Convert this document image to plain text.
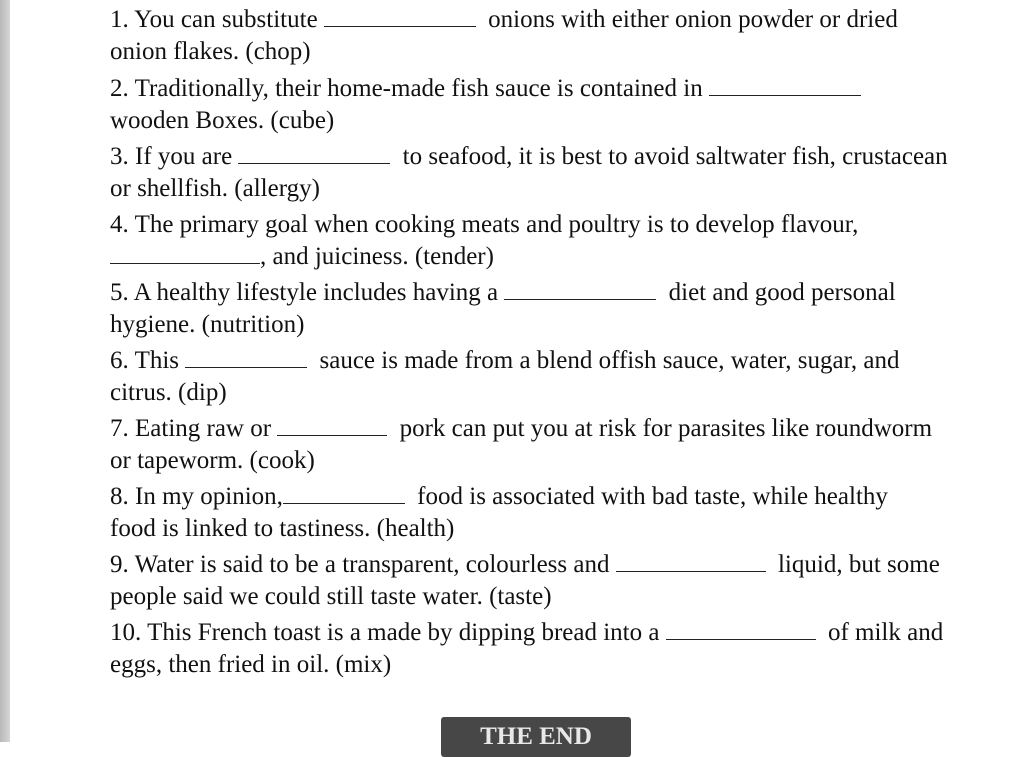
1. You can substitute	onions with either onion powder or dried
onion flakes. (chop)
2. Traditionally, their home-made fish sauce is contained in
wooden Boxes. (cube)
3. If you are	to seafood, it is best to avoid saltwater fish, crustacean
or shellfish. (allergy)
4. The primary goal when cooking meats and poultry is to develop flavour,
, and juiciness. (tender)
5. A healthy lifestyle includes having a	diet and good personal
hygiene. (nutrition)
6. This	sauce is made from a blend offish sauce, water, sugar, and
citrus. (dip)
7. Eating raw or	pork can put you at risk for parasites like roundworm
or tapeworm. (cook)
8. In my opinion,	food is associated with bad taste, while healthy
food is linked to tastiness. (health)
9. Water is said to be a transparent, colourless and	liquid, but some
people said we could still taste water. (taste)
10. This French toast is a made by dipping bread into a	of milk and
eggs, then fried in oil. (mix)
THE END
